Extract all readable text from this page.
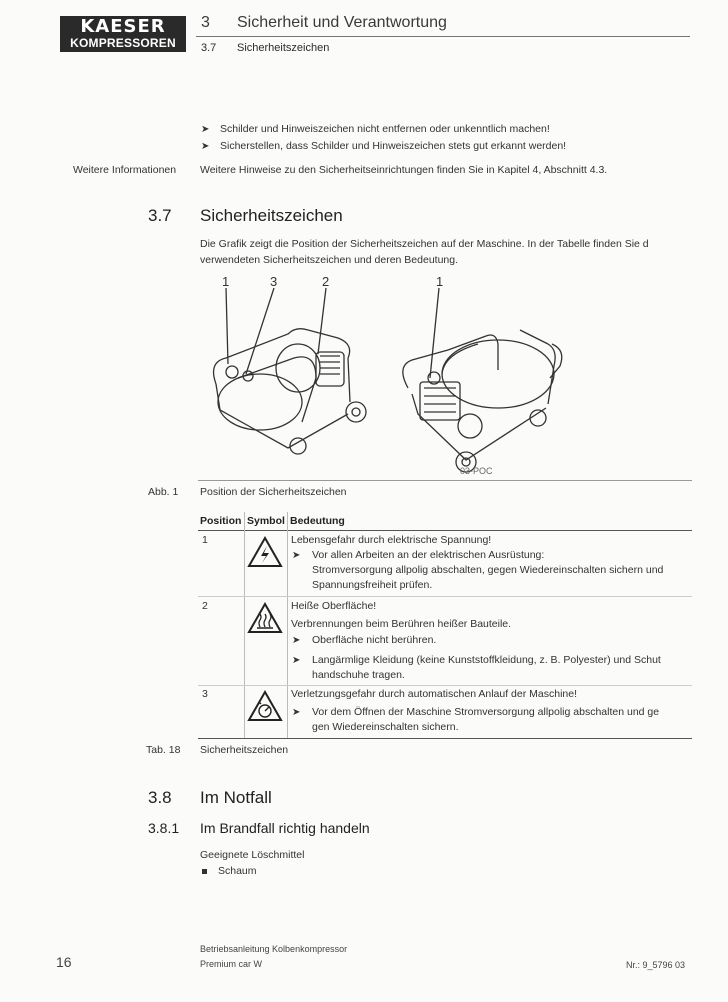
KAESER
KOMPRESSOREN
3 Sicherheit und Verantwortung
3.7 Sicherheitszeichen
➤ Schilder und Hinweiszeichen nicht entfernen oder unkenntlich machen!
➤ Sicherstellen, dass Schilder und Hinweiszeichen stets gut erkannt werden!
Weitere Informationen Weitere Hinweise zu den Sicherheitseinrichtungen finden Sie in Kapitel 4, Abschnitt 4.3.
3.7 Sicherheitszeichen
Die Grafik zeigt die Position der Sicherheitszeichen auf der Maschine. In der Tabelle finden Sie d
verwendeten Sicherheitszeichen und deren Bedeutung.
1	3	2	1
03-POC
Abb. 1 Position der Sicherheitszeichen
Position Symbol Bedeutung
1	Lebensgefahr durch elektrische Spannung!
➤ Vor allen Arbeiten an der elektrischen Ausrüstung:
Stromversorgung allpolig abschalten, gegen Wiedereinschalten sichern und
Spannungsfreiheit prüfen.
2	Heiße Oberfläche!
Verbrennungen beim Berühren heißer Bauteile.
➤ Oberfläche nicht berühren.
➤ Langärmlige Kleidung (keine Kunststoffkleidung, z. B. Polyester) und Schut
handschuhe tragen.
3	Verletzungsgefahr durch automatischen Anlauf der Maschine!
➤ Vor dem Öffnen der Maschine Stromversorgung allpolig abschalten und ge
gen Wiedereinschalten sichern.
Tab. 18 Sicherheitszeichen
3.8 Im Notfall
3.8.1 Im Brandfall richtig handeln
Geeignete Löschmittel
Schaum
16
Betriebsanleitung Kolbenkompressor
Premium car W	Nr.: 9_5796 03
